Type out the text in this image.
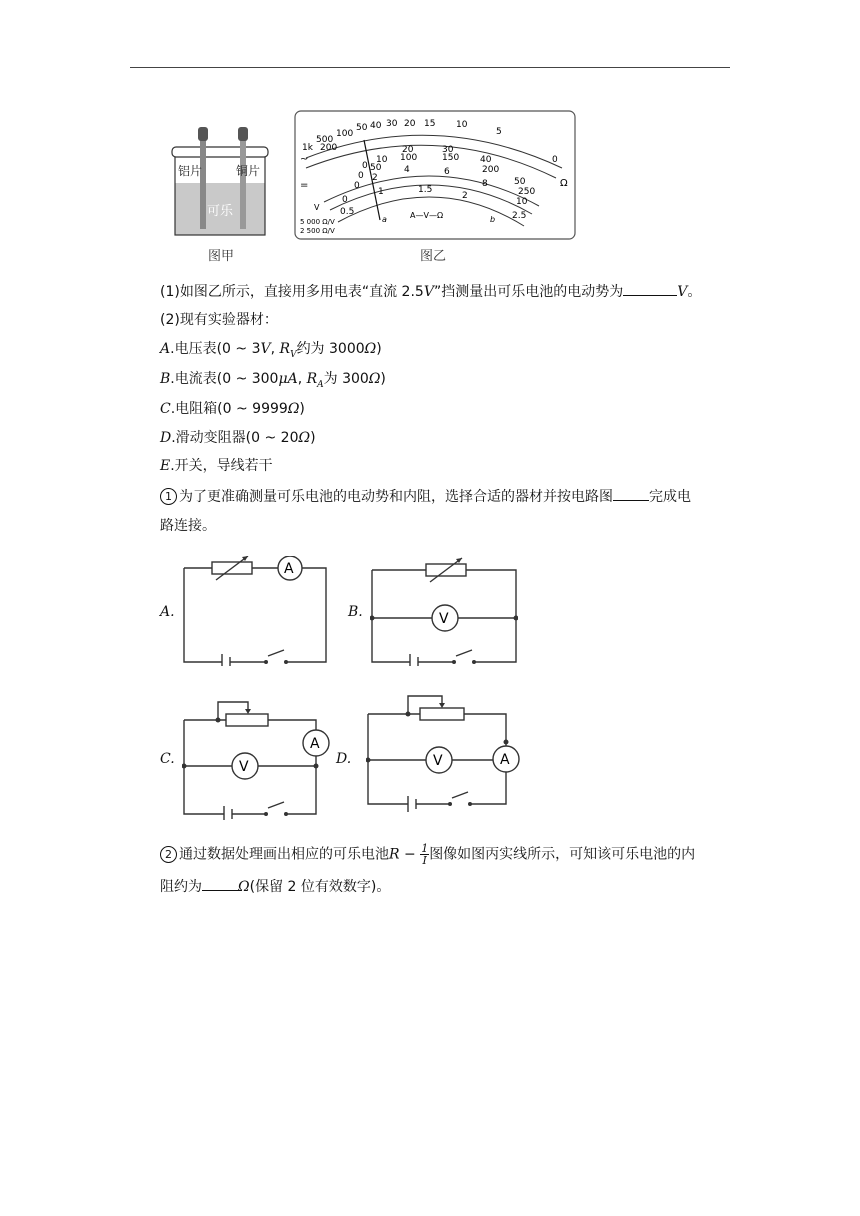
铝片	铜片
可乐
图甲
1k
500
200
100
50 40 30 20 15 10
5
0
Ω
~
=
0
10
20	30
40
50
0
50
100	150
200
250
0
2
4	6
8
10
0
0.5
1	1.5
2
2.5
V
5 000 Ω/V
2 500 Ω/V
a	A—V—Ω	b
图乙
(1)如图乙所示，直接用多用电表“直流 2.5V”挡测量出可乐电池的电动势为	V。
(2)现有实验器材：
A.电压表(0 ~ 3V, $R_V$约为 3000Ω)
B.电流表(0 ~ 300μA, $R_A$为 300Ω)
C.电阻箱(0 ~ 9999Ω)
D.滑动变阻器(0 ~ 20Ω)
E.开关，导线若干
1 为了更准确测量可乐电池的电动势和内阻，选择合适的器材并按电路图	完成电
路连接。
A.
A
B.	V
C.	V
A
D.	V	A
2 通过数据处理画出相应的可乐电池$R - \frac{1}{I}$ 图像如图丙实线所示，可知该可乐电池的内
阻约为	Ω(保留 2 位有效数字)。
